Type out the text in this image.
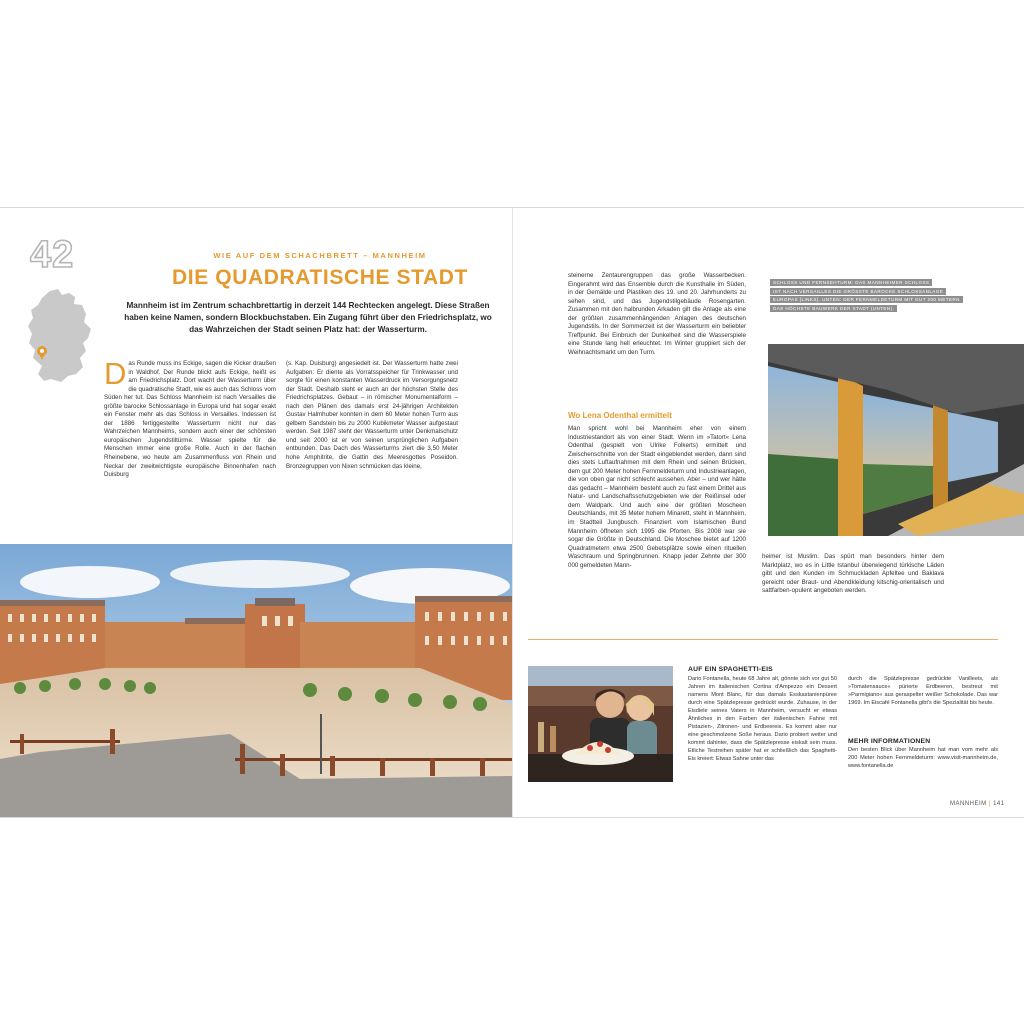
42	WIE AUF DEM SCHACHBRETT – MANNHEIM
DIE QUADRATISCHE STADT
Mannheim ist im Zentrum schachbrettartig in derzeit 144 Rechtecken angelegt. Diese Straßen haben keine Namen, sondern Blockbuchstaben. Ein Zugang führt über den Friedrichsplatz, wo das Wahrzeichen der Stadt seinen Platz hat: der Wasserturm.
Das Runde muss ins Eckige, sagen die Kicker draußen in Waldhof. Der Runde blickt aufs Eckige, heißt es am Friedrichsplatz. Dort wacht der Wasserturm über die quadratische Stadt, wie es auch das Schloss vom Süden her tut. Das Schloss Mannheim ist nach Versailles die größte barocke Schlossanlage in Europa und hat sogar exakt ein Fenster mehr als das Schloss in Versailles. Indessen ist der 1886 fertiggestellte Wasserturm nicht nur das Wahrzeichen Mannheims, sondern auch einer der schönsten europäischen Jugendstiltürme. Wasser spielte für die Menschen immer eine große Rolle. Auch in der flachen Rheinebene, wo heute am Zusammenfluss von Rhein und Neckar der zweitwichtigste europäische Binnenhafen nach Duisburg
(s. Kap. Duisburg) angesiedelt ist. Der Wasserturm hatte zwei Aufgaben: Er diente als Vorratsspeicher für Trinkwasser und sorgte für einen konstanten Wasserdruck im Versorgungsnetz der Stadt. Deshalb steht er auch an der höchsten Stelle des Friedrichsplatzes. Gebaut – in römischer Monumentalform – nach den Plänen des damals erst 24-jährigen Architekten Gustav Halmhuber konnten in dem 60 Meter hohen Turm aus gelbem Sandstein bis zu 2000 Kubikmeter Wasser aufgestaut werden. Seit 1987 steht der Wasserturm unter Denkmalschutz und seit 2000 ist er von seinen ursprünglichen Aufgaben entbunden. Das Dach des Wasserturms ziert die 3,50 Meter hohe Amphitrite, die Gattin des Meeresgottes Poseidon. Bronzegruppen von Nixen schmücken das kleine,
steinerne Zentaurengruppen das große Wasserbecken. Eingerahmt wird das Ensemble durch die Kunsthalle im Süden, in der Gemälde und Plastiken des 19. und 20. Jahrhunderts zu sehen sind, und das Jugendstilgebäude Rosengarten. Zusammen mit den halbrunden Arkaden gilt die Anlage als eine der größten zusammenhängenden Anlagen des deutschen Jugendstils. In der Sommerzeit ist der Wasserturm ein beliebter Treffpunkt. Bei Einbruch der Dunkelheit sind die Wasserspiele eine Stunde lang hell erleuchtet. Im Winter gruppiert sich der Weihnachtsmarkt um den Turm.
Wo Lena Odenthal ermittelt
Man spricht wohl bei Mannheim eher von einem Industriestandort als von einer Stadt. Wenn im »Tatort« Lena Odenthal (gespielt von Ulrike Folkerts) ermittelt und Zwischenschnitte von der Stadt eingeblendet werden, dann sind dies stets Luftaufnahmen mit dem Rhein und seinen Brücken, dem gut 200 Meter hohen Fernmeldeturm und Industrieanlagen, die von oben gar nicht schlecht aussehen. Aber – und wer hätte das gedacht – Mannheim besteht auch zu fast einem Drittel aus Natur- und Landschaftsschutzgebieten wie der Reißinsel oder dem Waldpark. Und auch eine der größten Moscheen Deutschlands, mit 35 Meter hohem Minarett, steht in Mannheim, im Stadtteil Jungbusch. Finanziert vom Islamischen Bund Mannheim öffneten sich 1995 die Pforten. Bis 2008 war sie sogar die Größte in Deutschland. Die Moschee bietet auf 1200 Quadratmetern etwa 2500 Gebetsplätze sowie einen rituellen Waschraum und Springbrunnen. Knapp jeder Zehnte der 300 000 gemeldeten Mann-
heimer ist Muslim. Das spürt man besonders hinter dem Marktplatz, wo es in Little Istanbul überwiegend türkische Läden gibt und den Kunden im Schmuckladen Apfeltee und Baklava gereicht oder Braut- und Abendkleidung kitschig-orientalisch und sattfarben-opulent angeboten werden.
SCHLOSS UND FERNSEHTURM: DAS MANNHEIMER SCHLOSS
IST NACH VERSAILLES DIE GRÖSSTE BAROCKE SCHLOSSANLAGE
EUROPAS (LINKS). UNTEN: DER FERNMELDETURM MIT GUT 200 METERN
DAS HÖCHSTE BAUWERK DER STADT (UNTEN).
AUF EIN SPAGHETTI-EIS
Dario Fontanella, heute 68 Jahre alt, gönnte sich vor gut 50 Jahren im italienischen Cortina d'Ampezzo ein Dessert namens Mont Blanc, für das damals Esskastanienpüree durch eine Spätzlepresse gedrückt wurde. Zuhause, in der Eisdiele seines Vaters in Mannheim, versucht er etwas Ähnliches in den Farben der italienischen Fahne mit Pistazien-, Zitronen- und Erdbeereis. Es kommt aber nur eine geschmolzene Soße heraus. Dario probiert weiter und kommt dahinter, dass die Spätzlepresse eiskalt sein muss. Etliche Testreihen später hat er schließlich das Spaghetti-Eis kreiert: Etwas Sahne unter das
durch die Spätzlepresse gedrückte Vanilleeis, als »Tomatensauce« pürierte Erdbeeren, bestreut mit »Parmigiano« aus geraspelter weißer Schokolade. Das war 1969. Im Eiscafé Fontanella gibt's die Spezialität bis heute.
MEHR INFORMATIONEN
Den besten Blick über Mannheim hat man vom mehr als 200 Meter hohen Fernmeldeturm: www.visit-mannheim.de, www.fontanella.de
MANNHEIM | 141
